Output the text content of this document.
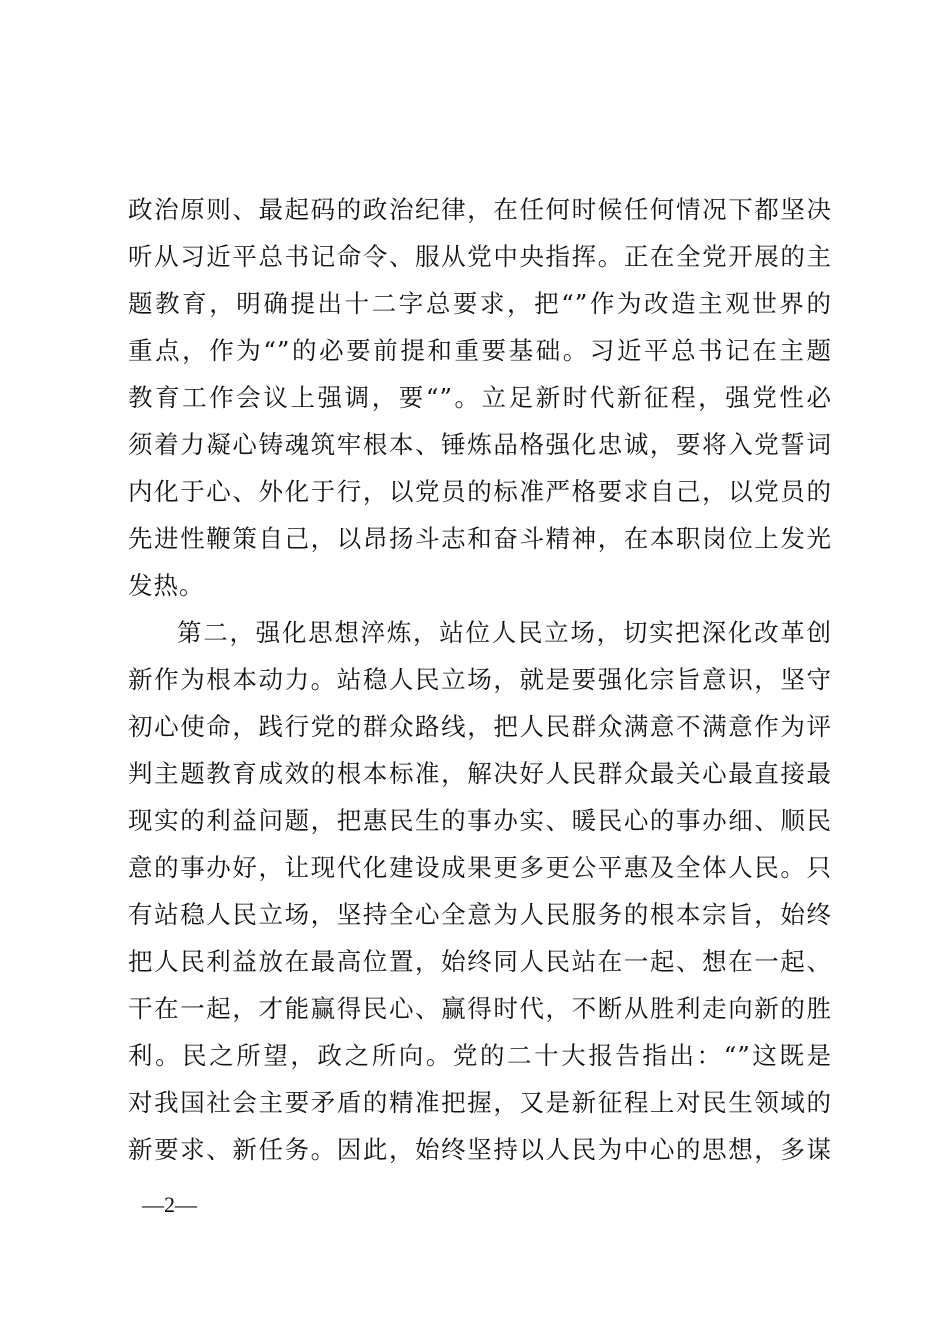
政治原则、最起码的政治纪律，在任何时候任何情况下都坚决
听从习近平总书记命令、服从党中央指挥。正在全党开展的主
题教育，明确提出十二字总要求，把“”作为改造主观世界的
重点，作为“”的必要前提和重要基础。习近平总书记在主题
教育工作会议上强调，要“”。立足新时代新征程，强党性必
须着力凝心铸魂筑牢根本、锤炼品格强化忠诚，要将入党誓词
内化于心、外化于行，以党员的标准严格要求自己，以党员的
先进性鞭策自己，以昂扬斗志和奋斗精神，在本职岗位上发光
发热。
第二，强化思想淬炼，站位人民立场，切实把深化改革创
新作为根本动力。站稳人民立场，就是要强化宗旨意识，坚守
初心使命，践行党的群众路线，把人民群众满意不满意作为评
判主题教育成效的根本标准，解决好人民群众最关心最直接最
现实的利益问题，把惠民生的事办实、暖民心的事办细、顺民
意的事办好，让现代化建设成果更多更公平惠及全体人民。只
有站稳人民立场，坚持全心全意为人民服务的根本宗旨，始终
把人民利益放在最高位置，始终同人民站在一起、想在一起、
干在一起，才能赢得民心、赢得时代，不断从胜利走向新的胜
利。民之所望，政之所向。党的二十大报告指出：“”这既是
对我国社会主要矛盾的精准把握，又是新征程上对民生领域的
新要求、新任务。因此，始终坚持以人民为中心的思想，多谋
—2—
